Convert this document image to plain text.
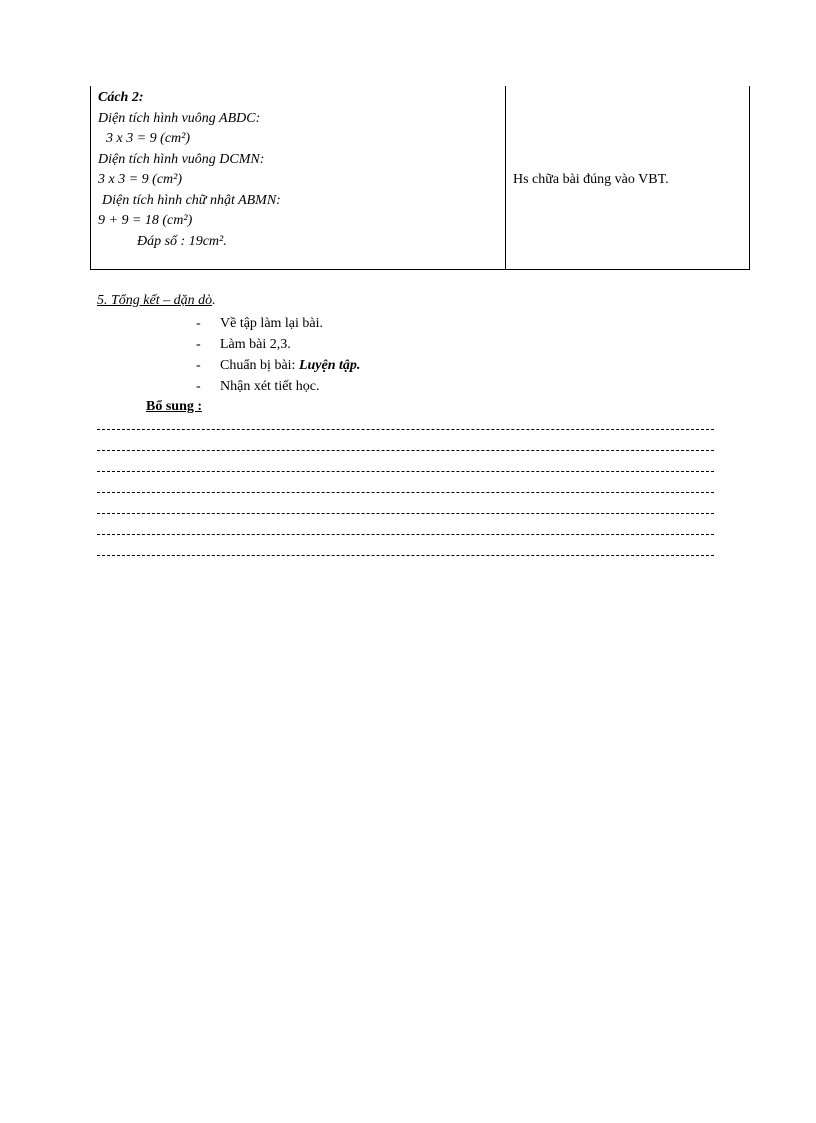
Cách 2:
Diện tích hình vuông ABDC:
3 x 3 = 9 (cm²)
Diện tích hình vuông DCMN:
3 x 3 = 9 (cm²)
Diện tích hình chữ nhật ABMN:
9 + 9 = 18 (cm²)
Đáp số : 19cm².
Hs chữa bài đúng vào VBT.
5. Tổng kết – dặn dò.
- Về tập làm lại bài.
- Làm bài 2,3.
- Chuẩn bị bài: Luyện tập.
- Nhận xét tiết học.
Bổ sung :
